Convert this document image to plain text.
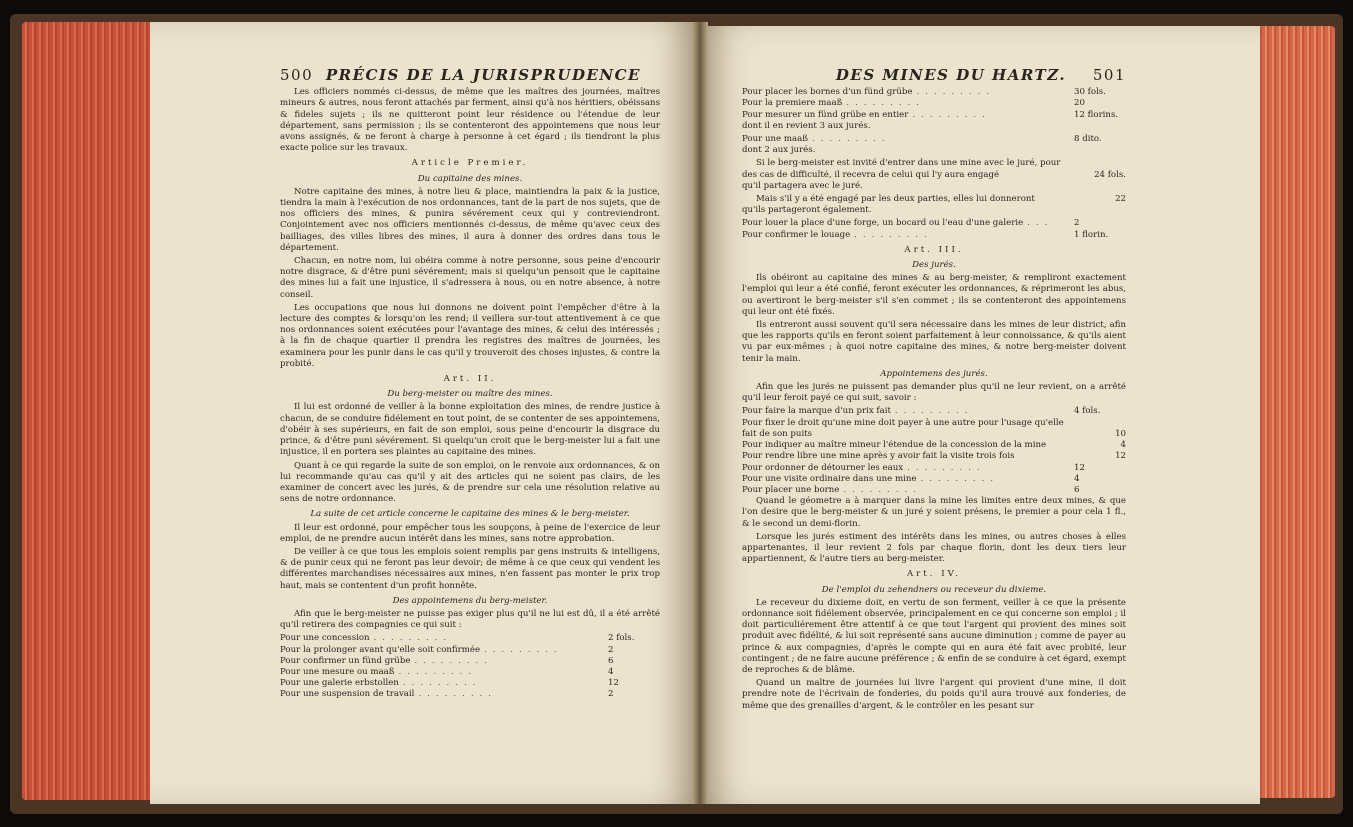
500 PRÉCIS DE LA JURISPRUDENCE

Les officiers nommés ci-dessus, de même que les maîtres des journées, maîtres mineurs & autres, nous feront attachés par ferment, ainsi qu'à nos héritiers, obéissans & fideles sujets ; ils ne quitteront point leur résidence ou l'étendue de leur département, sans permission ; ils se contenteront des appointemens que nous leur avons assignés, & ne feront à charge à personne à cet égard ; ils tiendront la plus exacte police sur les travaux.

Article Premier.
Du capitaine des mines.

Notre capitaine des mines, à notre lieu & place, maintiendra la paix & la justice, tiendra la main à l'exécution de nos ordonnances, tant de la part de nos sujets, que de nos officiers des mines, & punira sévérement ceux qui y contreviendront. Conjointement avec nos officiers mentionnés ci-dessus, de même qu'avec ceux des bailliages, des villes libres des mines, il aura à donner des ordres dans tous le département.

Chacun, en notre nom, lui obéira comme à notre personne, sous peine d'encourir notre disgrace, & d'être puni sévérement; mais si quelqu'un pensoit que le capitaine des mines lui a fait une injustice, il s'adressera à nous, ou en notre absence, à notre conseil.

Les occupations que nous lui donnons ne doivent point l'empêcher d'être à la lecture des comptes & lorsqu'on les rend; il veillera sur-tout attentivement à ce que nos ordonnances soient exécutées pour l'avantage des mines, & celui des intéressés ; à la fin de chaque quartier il prendra les registres des maîtres de journées, les examinera pour les punir dans le cas qu'il y trouveroit des choses injustes, & contre la probité.

Art. II.
Du berg-meister ou maître des mines.

Il lui est ordonné de veiller à la bonne exploitation des mines, de rendre justice à chacun, de se conduire fidélement en tout point, de se contenter de ses appointemens, d'obéir à ses supérieurs, en fait de son emploi, sous peine d'encourir la disgrace du prince, & d'être puni sévérement. Si quelqu'un croit que le berg-meister lui a fait une injustice, il en portera ses plaintes au capitaine des mines.

Quant à ce qui regarde la suite de son emploi, on le renvoie aux ordonnances, & on lui recommande qu'au cas qu'il y ait des articles qui ne soient pas clairs, de les examiner de concert avec les jurés, & de prendre sur cela une résolution relative au sens de notre ordonnance.

La suite de cet article concerne le capitaine des mines & le berg-meister.

Il leur est ordonné, pour empêcher tous les soupçons, à peine de l'exercice de leur emploi, de ne prendre aucun intérêt dans les mines, sans notre approbation.

De veiller à ce que tous les emplois soient remplis par gens instruits & intelligens, & de punir ceux qui ne feront pas leur devoir; de même à ce que ceux qui vendent les différentes marchandises nécessaires aux mines, n'en fassent pas monter le prix trop haut, mais se contentent d'un profit honnête.

Des appointemens du berg-meister.

Afin que le berg-meister ne puisse pas exiger plus qu'il ne lui est dû, il a été arrêté qu'il retirera des compagnies ce qui suit :

Pour une concession .........	2 fols.
Pour la prolonger avant qu'elle soit confirmée .........	2
Pour confirmer un fünd grübe .........	6
Pour une mesure ou maaß .........	4
Pour une galerie erbstollen .........	12
Pour une suspension de travail .........	2
DES MINES DU HARTZ. 501
Pour placer les bornes d'un fünd grübe .........	30 fols.
Pour la premiere maaß .........	20
Pour mesurer un fünd grübe en entier .........	12 florins.

dont il en revient 3 aux jurés.

Pour une maaß .........	8 dito.

dont 2 aux jurés.

Si le berg-meister est invité d'entrer dans une mine avec le juré, pour des cas de difficulté, il recevra de celui qui l'y aura engagé	24 fols.

qu'il partagera avec le juré.

Mais s'il y a été engagé par les deux parties, elles lui donneront	22

qu'ils partageront également.

Pour louer la place d'une forge, un bocard ou l'eau d'une galerie ...	2
Pour confirmer le louage .........	1 florin.
Art. III.
Des jurés.

Ils obéiront au capitaine des mines & au berg-meister, & rempliront exactement l'emploi qui leur a été confié, feront exécuter les ordonnances, & réprimeront les abus, ou avertiront le berg-meister s'il s'en commet ; ils se contenteront des appointemens qui leur ont été fixés.

Ils entreront aussi souvent qu'il sera nécessaire dans les mines de leur district, afin que les rapports qu'ils en feront soient parfaitement à leur connoissance, & qu'ils aient vu par eux-mêmes ; à quoi notre capitaine des mines, & notre berg-meister doivent tenir la main.

Appointemens des jurés.

Afin que les jurés ne puissent pas demander plus qu'il ne leur revient, on a arrêté qu'il leur feroit payé ce qui suit, savoir :

Pour faire la marque d'un prix fait .........	4 fols.
Pour fixer le droit qu'une mine doit payer à une autre pour l'usage qu'elle fait de son puits	10
Pour indiquer au maître mineur l'étendue de la concession de la mine	4
Pour rendre libre une mine après y avoir fait la visite trois fois	12
Pour ordonner de détourner les eaux .........	12
Pour une visite ordinaire dans une mine .........	4
Pour placer une borne .........	6

Quand le géometre a à marquer dans la mine les limites entre deux mines, & que l'on desire que le berg-meister & un juré y soient présens, le premier a pour cela 1 fl., & le second un demi-florin.

Lorsque les jurés estiment des intérêts dans les mines, ou autres choses à elles appartenantes, il leur revient 2 fols par chaque florin, dont les deux tiers leur appartiennent, & l'autre tiers au berg-meister.

Art. IV.
De l'emploi du zehendners ou receveur du dixieme.

Le receveur du dixieme doit, en vertu de son ferment, veiller à ce que la présente ordonnance soit fidélement observée, principalement en ce qui concerne son emploi ; il doit particuliérement être attentif à ce que tout l'argent qui provient des mines soit produit avec fidélité, & lui soit représenté sans aucune diminution ; comme de payer au prince & aux compagnies, d'après le compte qui en aura été fait avec probité, leur contingent ; de ne faire aucune préférence ; & enfin de se conduire à cet égard, exempt de reproches & de blâme.

Quand un maître de journées lui livre l'argent qui provient d'une mine, il doit prendre note de l'écrivain de fonderies, du poids qu'il aura trouvé aux fonderies, de même que des grenailles d'argent, & le contrôler en les pesant sur
